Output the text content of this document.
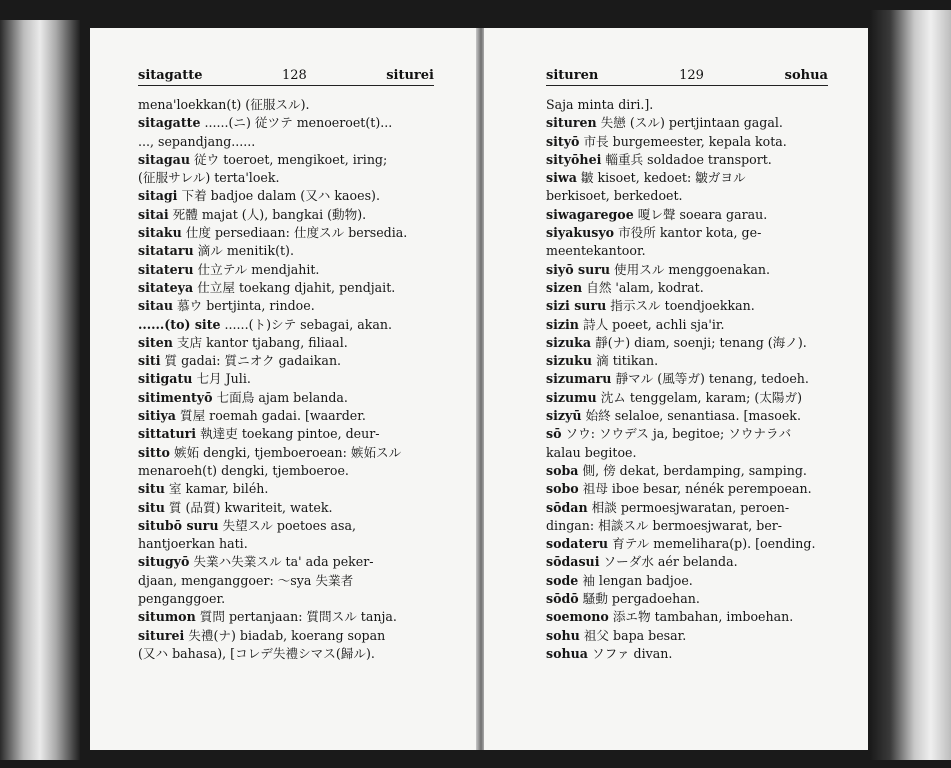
sitagatte	128	siturei
mena'loekkan(t) (征服スル).
sitagatte ......(ニ) 従ツテ menoeroet(t)...
..., sepandjang......
sitagau 従ウ toeroet, mengikoet, iring;
(征服サレル) terta'loek.
sitagi 下着 badjoe dalam (又ハ kaoes).
sitai 死體 majat (人), bangkai (動物).
sitaku 仕度 persediaan: 仕度スル bersedia.
sitataru 滴ル menitik(t).
sitateru 仕立テル mendjahit.
sitateya 仕立屋 toekang djahit, pendjait.
sitau 慕ウ bertjinta, rindoe.
......(to) site ......(ト)シテ sebagai, akan.
siten 支店 kantor tjabang, filiaal.
siti 質 gadai: 質ニオク gadaikan.
sitigatu 七月 Juli.
sitimentyō 七面鳥 ajam belanda.
sitiya 質屋 roemah gadai. [waarder.
sittaturi 執達吏 toekang pintoe, deur-
sitto 嫉妬 dengki, tjemboeroean: 嫉妬スル
menaroeh(t) dengki, tjemboeroe.
situ 室 kamar, biléh.
situ 質 (品質) kwariteit, watek.
situbō suru 失望スル poetoes asa,
hantjoerkan hati.
situgyō 失業ハ失業スル ta' ada peker-
djaan, menganggoer: ～sya 失業者
penganggoer.
situmon 質問 pertanjaan: 質問スル tanja.
siturei 失禮(ナ) biadab, koerang sopan
(又ハ bahasa), [コレデ失禮シマス(歸ル).
situren	129	sohua
Saja minta diri.].
situren 失戀 (スル) pertjintaan gagal.
sityō 市長 burgemeester, kepala kota.
sityōhei 輜重兵 soldadoe transport.
siwa 皺 kisoet, kedoet: 皺ガヨル
berkisoet, berkedoet.
siwagaregoe 嗄レ聲 soeara garau.
siyakusyo 市役所 kantor kota, ge-
meentekantoor.
siyō suru 使用スル menggoenakan.
sizen 自然 'alam, kodrat.
sizi suru 指示スル toendjoekkan.
sizin 詩人 poeet, achli sja'ir.
sizuka 靜(ナ) diam, soenji; tenang (海ノ).
sizuku 滴 titikan.
sizumaru 靜マル (風等ガ) tenang, tedoeh.
sizumu 沈ム tenggelam, karam; (太陽ガ)
sizyū 始終 selaloe, senantiasa. [masoek.
sō ソウ: ソウデス ja, begitoe; ソウナラバ
kalau begitoe.
soba 側, 傍 dekat, berdamping, samping.
sobo 祖母 iboe besar, nénék perempoean.
sōdan 相談 permoesjwaratan, peroen-
dingan: 相談スル bermoesjwarat, ber-
sodateru 育テル memelihara(p). [oending.
sōdasui ソーダ水 aér belanda.
sode 袖 lengan badjoe.
sōdō 騷動 pergadoehan.
soemono 添エ物 tambahan, imboehan.
sohu 祖父 bapa besar.
sohua ソファ divan.
